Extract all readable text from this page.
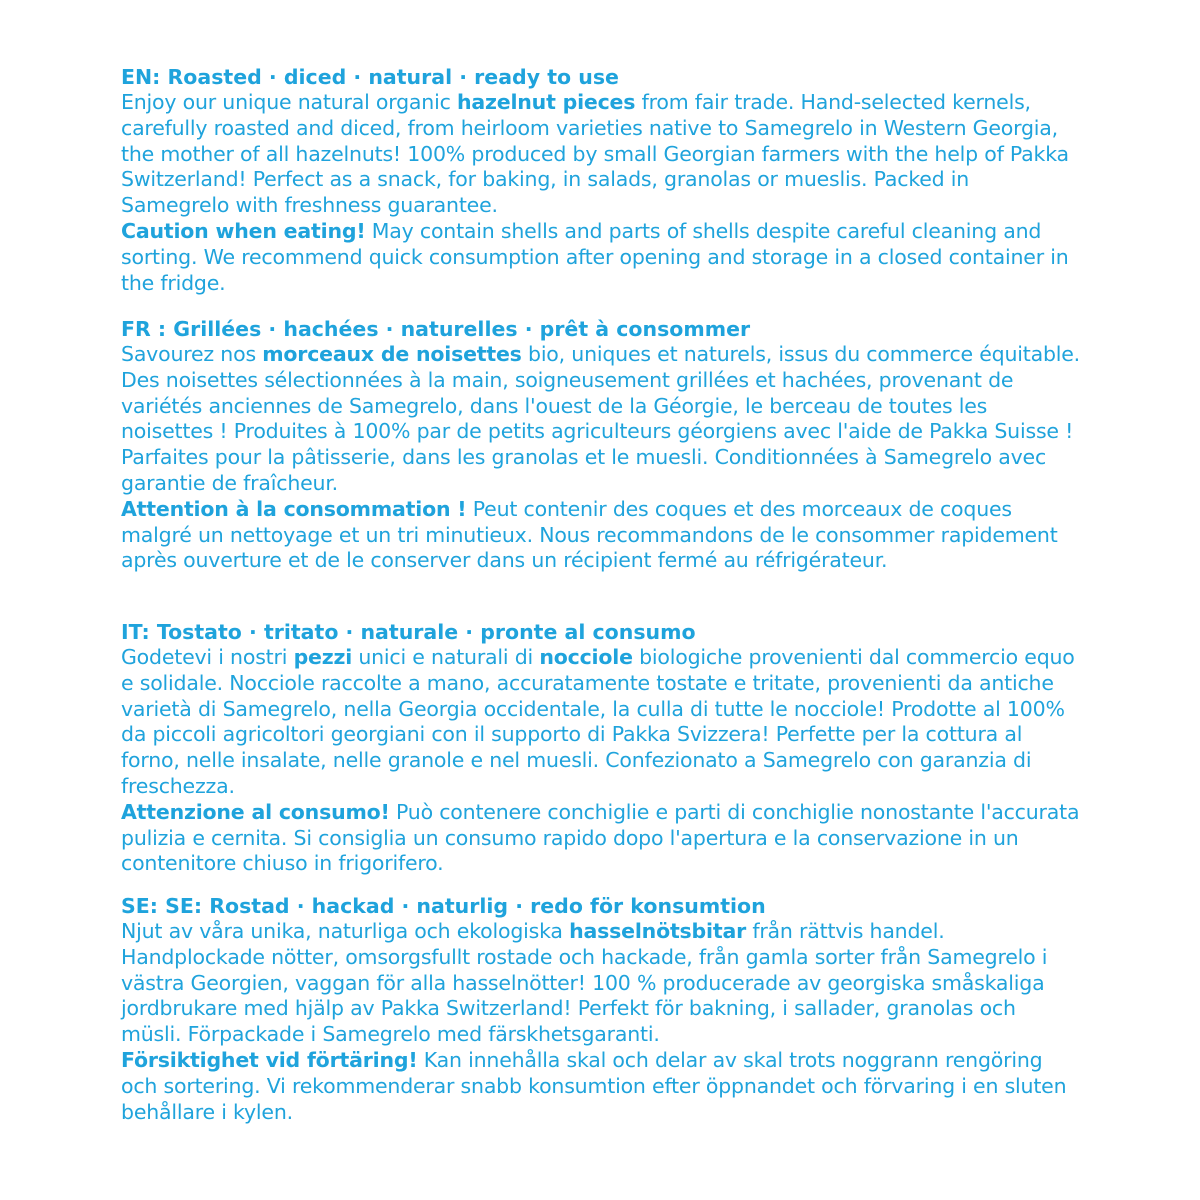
EN: Roasted · diced · natural · ready to use
Enjoy our unique natural organic hazelnut pieces from fair trade. Hand-selected kernels, carefully roasted and diced, from heirloom varieties native to Samegrelo in Western Georgia, the mother of all hazelnuts! 100% produced by small Georgian farmers with the help of Pakka Switzerland! Perfect as a snack, for baking, in salads, granolas or mueslis. Packed in Samegrelo with freshness guarantee.
Caution when eating! May contain shells and parts of shells despite careful cleaning and sorting. We recommend quick consumption after opening and storage in a closed container in the fridge.
FR : Grillées · hachées · naturelles · prêt à consommer
Savourez nos morceaux de noisettes bio, uniques et naturels, issus du commerce équitable. Des noisettes sélectionnées à la main, soigneusement grillées et hachées, provenant de variétés anciennes de Samegrelo, dans l'ouest de la Géorgie, le berceau de toutes les noisettes ! Produites à 100% par de petits agriculteurs géorgiens avec l'aide de Pakka Suisse ! Parfaites pour la pâtisserie, dans les granolas et le muesli. Conditionnées à Samegrelo avec garantie de fraîcheur.
Attention à la consommation ! Peut contenir des coques et des morceaux de coques malgré un nettoyage et un tri minutieux. Nous recommandons de le consommer rapidement après ouverture et de le conserver dans un récipient fermé au réfrigérateur.
IT: Tostato · tritato · naturale · pronte al consumo
Godetevi i nostri pezzi unici e naturali di nocciole biologiche provenienti dal commercio equo e solidale. Nocciole raccolte a mano, accuratamente tostate e tritate, provenienti da antiche varietà di Samegrelo, nella Georgia occidentale, la culla di tutte le nocciole! Prodotte al 100% da piccoli agricoltori georgiani con il supporto di Pakka Svizzera! Perfette per la cottura al forno, nelle insalate, nelle granole e nel muesli. Confezionato a Samegrelo con garanzia di freschezza.
Attenzione al consumo! Può contenere conchiglie e parti di conchiglie nonostante l'accurata pulizia e cernita. Si consiglia un consumo rapido dopo l'apertura e la conservazione in un contenitore chiuso in frigorifero.
SE: SE: Rostad · hackad · naturlig · redo för konsumtion
Njut av våra unika, naturliga och ekologiska hasselnötsbitar från rättvis handel. Handplockade nötter, omsorgsfullt rostade och hackade, från gamla sorter från Samegrelo i västra Georgien, vaggan för alla hasselnötter! 100 % producerade av georgiska småskaliga jordbrukare med hjälp av Pakka Switzerland! Perfekt för bakning, i sallader, granolas och müsli. Förpackade i Samegrelo med färskhetsgaranti.
Försiktighet vid förtäring! Kan innehålla skal och delar av skal trots noggrann rengöring och sortering. Vi rekommenderar snabb konsumtion efter öppnandet och förvaring i en sluten behållare i kylen.
